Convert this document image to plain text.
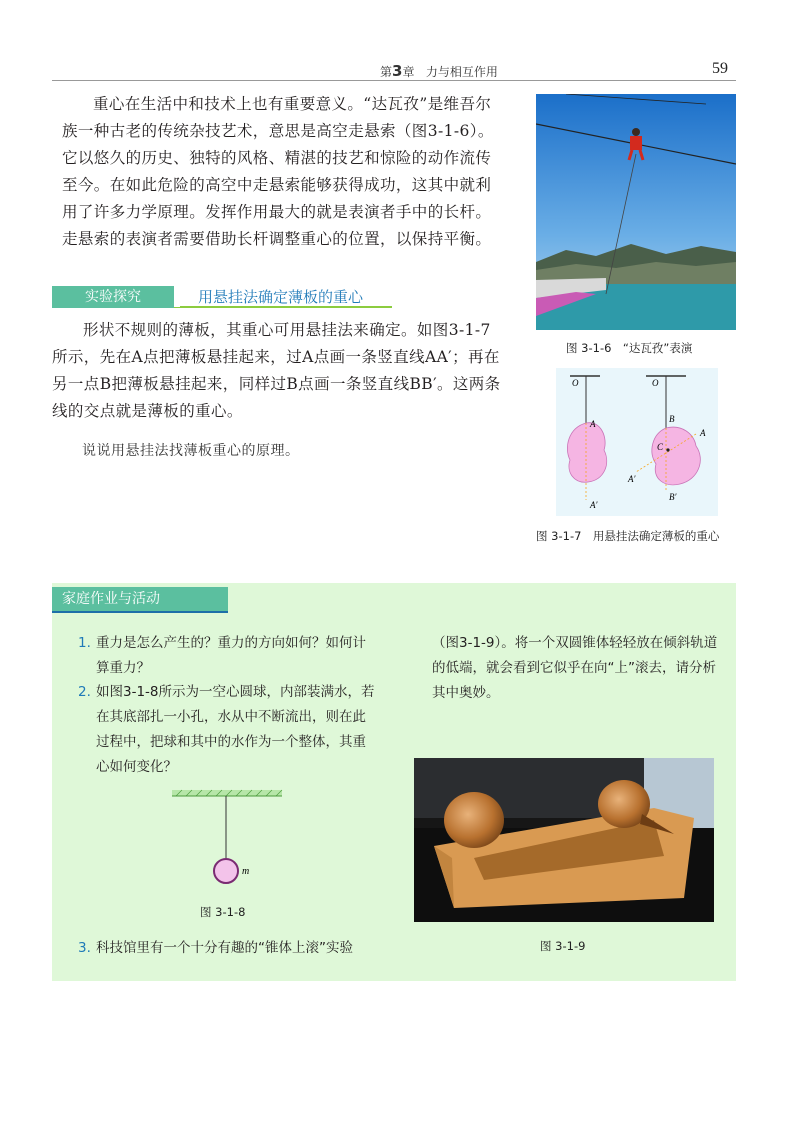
第3章 力与相互作用	59
重心在生活中和技术上也有重要意义。“达瓦孜”是维吾尔族一种古老的传统杂技艺术，意思是高空走悬索（图3-1-6）。它以悠久的历史、独特的风格、精湛的技艺和惊险的动作流传至今。在如此危险的高空中走悬索能够获得成功，这其中就利用了许多力学原理。发挥作用最大的就是表演者手中的长杆。走悬索的表演者需要借助长杆调整重心的位置，以保持平衡。
图 3-1-6　“达瓦孜”表演
实验探究	用悬挂法确定薄板的重心
形状不规则的薄板，其重心可用悬挂法来确定。如图3-1-7所示，先在A点把薄板悬挂起来，过A点画一条竖直线AA′；再在另一点B把薄板悬挂起来，同样过B点画一条竖直线BB′。这两条线的交点就是薄板的重心。
说说用悬挂法找薄板重心的原理。
O
A
A′
O
B
A
C
A′
B′
图 3-1-7　用悬挂法确定薄板的重心
家庭作业与活动
1. 重力是怎么产生的？重力的方向如何？如何计算重力？
2. 如图3-1-8所示为一空心圆球，内部装满水，若在其底部扎一小孔，水从中不断流出，则在此过程中，把球和其中的水作为一个整体，其重心如何变化？
m
图 3-1-8
3. 科技馆里有一个十分有趣的“锥体上滚”实验
（图3-1-9）。将一个双圆锥体轻轻放在倾斜轨道的低端，就会看到它似乎在向“上”滚去，请分析其中奥妙。
图 3-1-9
